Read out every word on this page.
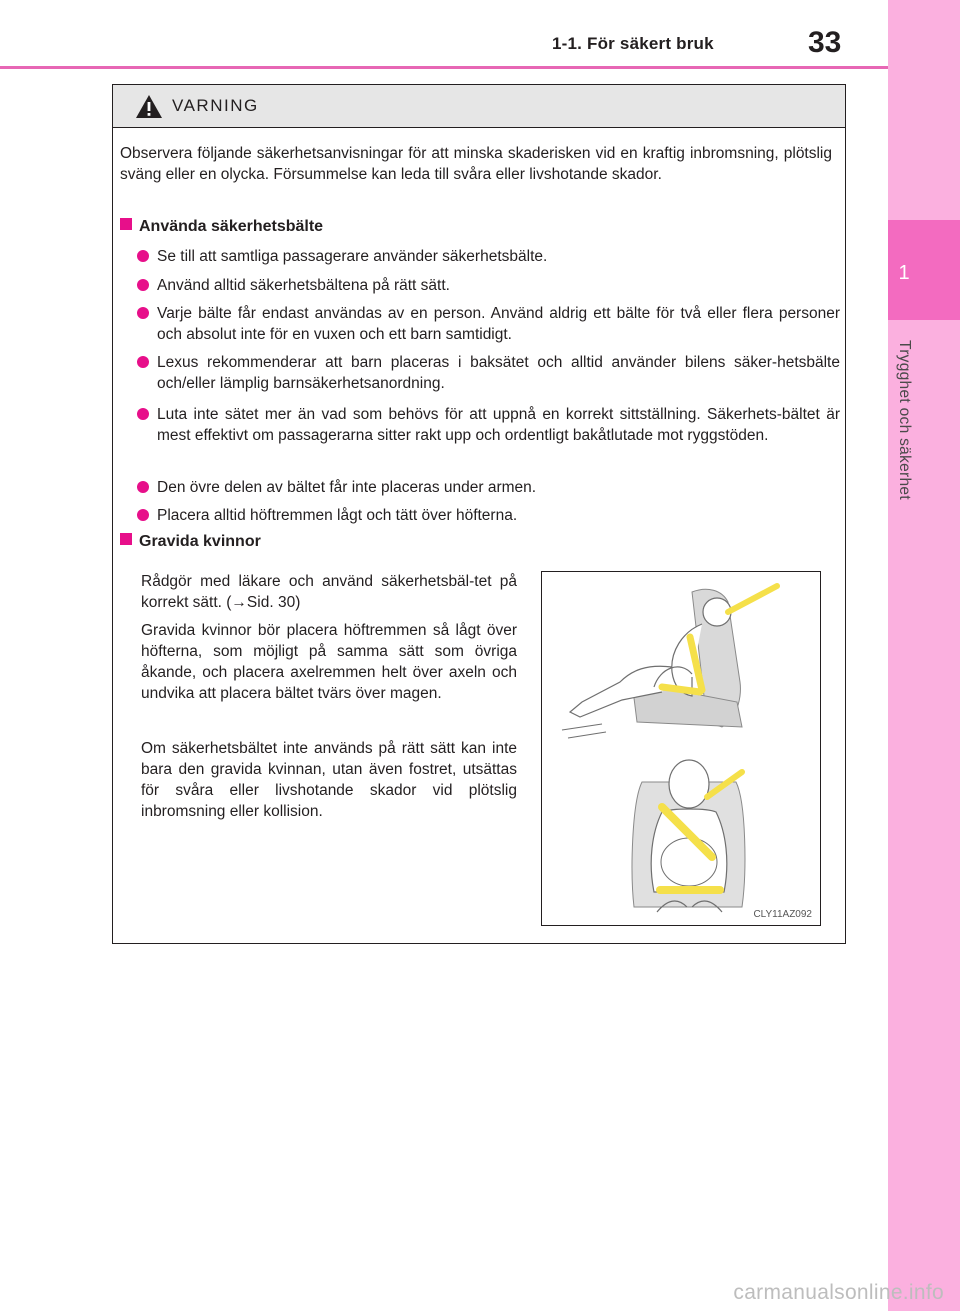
1-1. För säkert bruk	33
1
Trygghet och säkerhet
VARNING
Observera följande säkerhetsanvisningar för att minska skaderisken vid en kraftig inbromsning, plötslig sväng eller en olycka. Försummelse kan leda till svåra eller livshotande skador.
Använda säkerhetsbälte
Se till att samtliga passagerare använder säkerhetsbälte.
Använd alltid säkerhetsbältena på rätt sätt.
Varje bälte får endast användas av en person. Använd aldrig ett bälte för två eller flera personer och absolut inte för en vuxen och ett barn samtidigt.
Lexus rekommenderar att barn placeras i baksätet och alltid använder bilens säker-hetsbälte och/eller lämplig barnsäkerhetsanordning.
Luta inte sätet mer än vad som behövs för att uppnå en korrekt sittställning. Säkerhets-bältet är mest effektivt om passagerarna sitter rakt upp och ordentligt bakåtlutade mot ryggstöden.
Den övre delen av bältet får inte placeras under armen.
Placera alltid höftremmen lågt och tätt över höfterna.
Gravida kvinnor
Rådgör med läkare och använd säkerhetsbäl-tet på korrekt sätt. (→Sid. 30)
Gravida kvinnor bör placera höftremmen så lågt över höfterna, som möjligt på samma sätt som övriga åkande, och placera axelremmen helt över axeln och undvika att placera bältet tvärs över magen.
Om säkerhetsbältet inte används på rätt sätt kan inte bara den gravida kvinnan, utan även fostret, utsättas för svåra eller livshotande skador vid plötslig inbromsning eller kollision.
CLY11AZ092
carmanualsonline.info
